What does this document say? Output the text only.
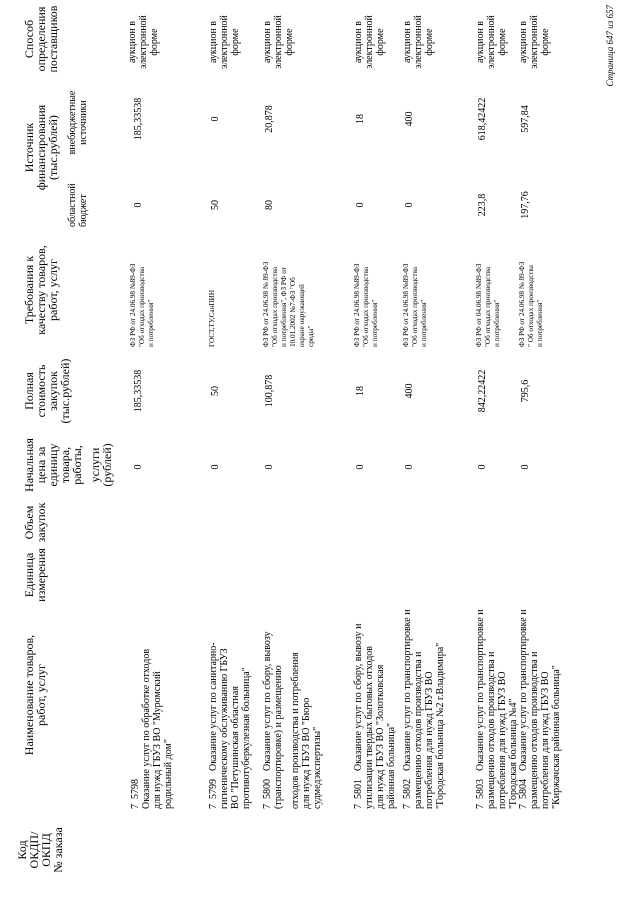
Код
ОКДП/
ОКПД
№ заказа
Наименование товаров,
работ, услуг
Единица
измерения
Объем
закупок
Начальная
цена за
единицу
товара,
работы, услуги
(рублей)
Полная
стоимость
закупок
(тыс.рублей)
Требования к
качеству товаров,
работ, услуг
Источник
финансирования
(тыс.рублей)
областной бюджет
внебюджетные источники
Способ
определения
поставщиков
7  5798 Оказание услуг по обработке отходов для нужд ГБУЗ ВО "Муромский родильный дом"
0
185,33538
ФЗ РФ от 24.06.98 №89-ФЗ "Об отходах производства и потребления"
0
185,33538
аукцион в электронной форме
7  5799
Оказание услуг по санитарно- гигиеническому обслуживанию ГБУЗ ВО "Петушинская областная противотуберкулезная больница"
0
50
ГОСТ,ТУ,СанПИН
50
0
аукцион в электронной форме
7  5800
Оказание услуг по сбору, вывозу (транспортировке) и размещению отходов производства и потребления для нужд ГБУЗ ВО "Бюро судмедэкспертизы"
0
100,878
ФЗ РФ от 24.06.98 № 89-ФЗ "Об отходах производства и потребления", ФЗ РФ от 10.01.2002 №7-ФЗ "Об охране окружающей среды"
80
20,878
аукцион в электронной форме
7  5801
Оказание услуг по сбору, вывозу и утилизации твердых бытовых отходов для нужд ГБУЗ ВО "Золотковская районная больница"
0
18
ФЗ РФ от 24.06.98 №89-ФЗ "Об отходах производства и потребления"
0
18
аукцион в электронной форме
7  5802
Оказание услуг по транспортировке и размещению отходов производства и потребления для нужд ГБУЗ ВО "Городская больница №2 г.Владимира"
0
400
ФЗ РФ от 24.06.98 №89-ФЗ "Об отходах производства и потребления"
0
400
аукцион в электронной форме
7  5803
Оказание услуг по транспортировке и размещению отходов производства и потребления для нужд ГБУЗ ВО "Городская больница №4"
0
842,22422
ФЗ РФ от 04.06.98 №89-ФЗ "Об отходах производства и потребления"
223,8
618,42422
аукцион в электронной форме
7  5804
Оказание услуг по транспортировке и размещению отходов производства и потребления для нужд ГБУЗ ВО "Киржачская районная больница"
0
795,6
ФЗ РФ от 24.06.98 № 89-ФЗ " Об отходах производства и потребления"
197,76
597,84
аукцион в электронной форме	Страница 647 из 657
